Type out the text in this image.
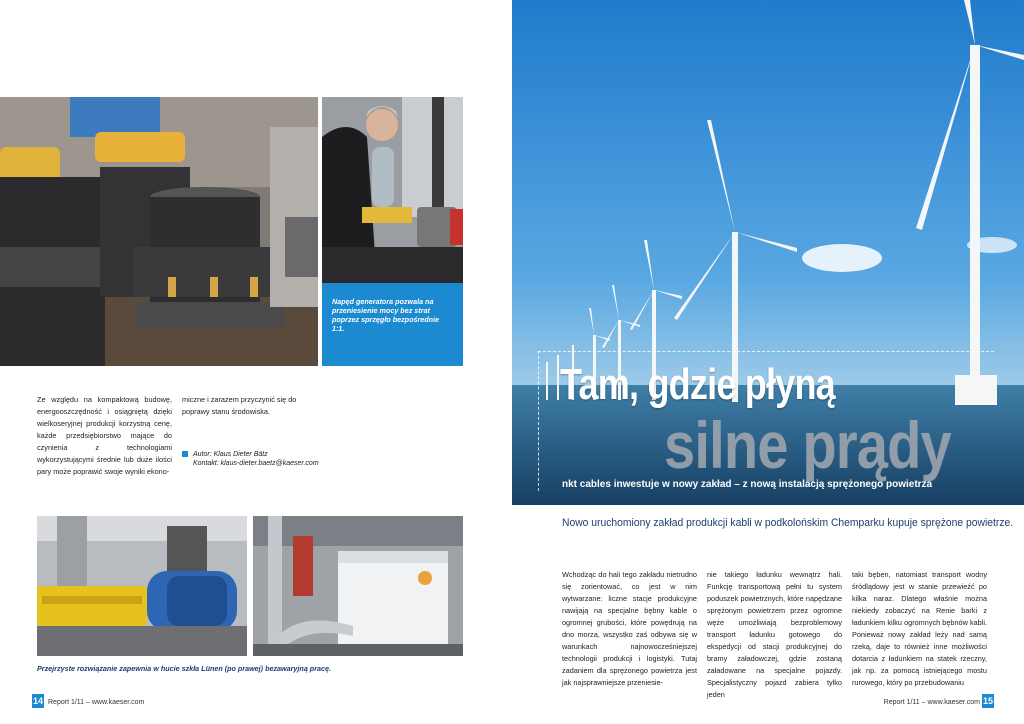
Napęd generatora pozwala na przeniesienie mocy bez strat poprzez sprzęgło bezpośrednie 1:1.

Ze względu na kompaktową budowę, energooszczędność i osiągniętą dzięki wielkoseryjnej produkcji korzystną cenę, każde przedsiębiorstwo mające do czynienia z technologiami wykorzystującymi średnie lub duże ilości pary może poprawić swoje wyniki ekono-

miczne i zarazem przyczynić się do poprawy stanu środowiska.

Autor: Klaus Dieter Bätz
Kontakt: klaus-dieter.baetz@kaeser.com
Przejrzyste rozwiązanie zapewnia w hucie szkła Lünen (po prawej) bezawaryjną pracę.
14 Report 1/11 – www.kaeser.com
Tam, gdzie płyną
silne prądy
nkt cables inwestuje w nowy zakład – z nową instalacją sprężonego powietrza
Nowo uruchomiony zakład produkcji kabli w podkolońskim Chemparku kupuje sprężone powietrze.

Wchodząc do hali tego zakładu nietrudno się zorientować, co jest w nim wytwarzane: liczne stacje produkcyjne nawijają na specjalne bębny kable o ogromnej grubości, które powędrują na dno morza, wszystko zaś odbywa się w warunkach najnowocześniejszej technologii produkcji i logistyki. Tutaj zadaniem dla sprężonego powietrza jest jak najsprawniejsze przeniesie-

nie takiego ładunku wewnątrz hali. Funkcję transportową pełni tu system poduszek powietrznych, które napędzane sprężonym powietrzem przez ogromne węże umożliwiają bezproblemowy transport ładunku gotowego do ekspedycji od stacji produkcyjnej do bramy załadowczej, gdzie zostaną załadowane na specjalne pojazdy. Specjalistyczny pojazd zabiera tylko jeden

taki bęben, natomiast transport wodny śródlądowy jest w stanie przewieźć po kilka naraz. Dlatego właśnie można niekiedy zobaczyć na Renie barki z ładunkiem kilku ogromnych bębnów kabli. Ponieważ nowy zakład leży nad samą rzeką, daje to również inne możliwości dotarcia z ładunkiem na statek rzeczny, jak np. za pomocą istniejącego mostu rurowego, który po przebudowaniu

Report 1/11 – www.kaeser.com 15
